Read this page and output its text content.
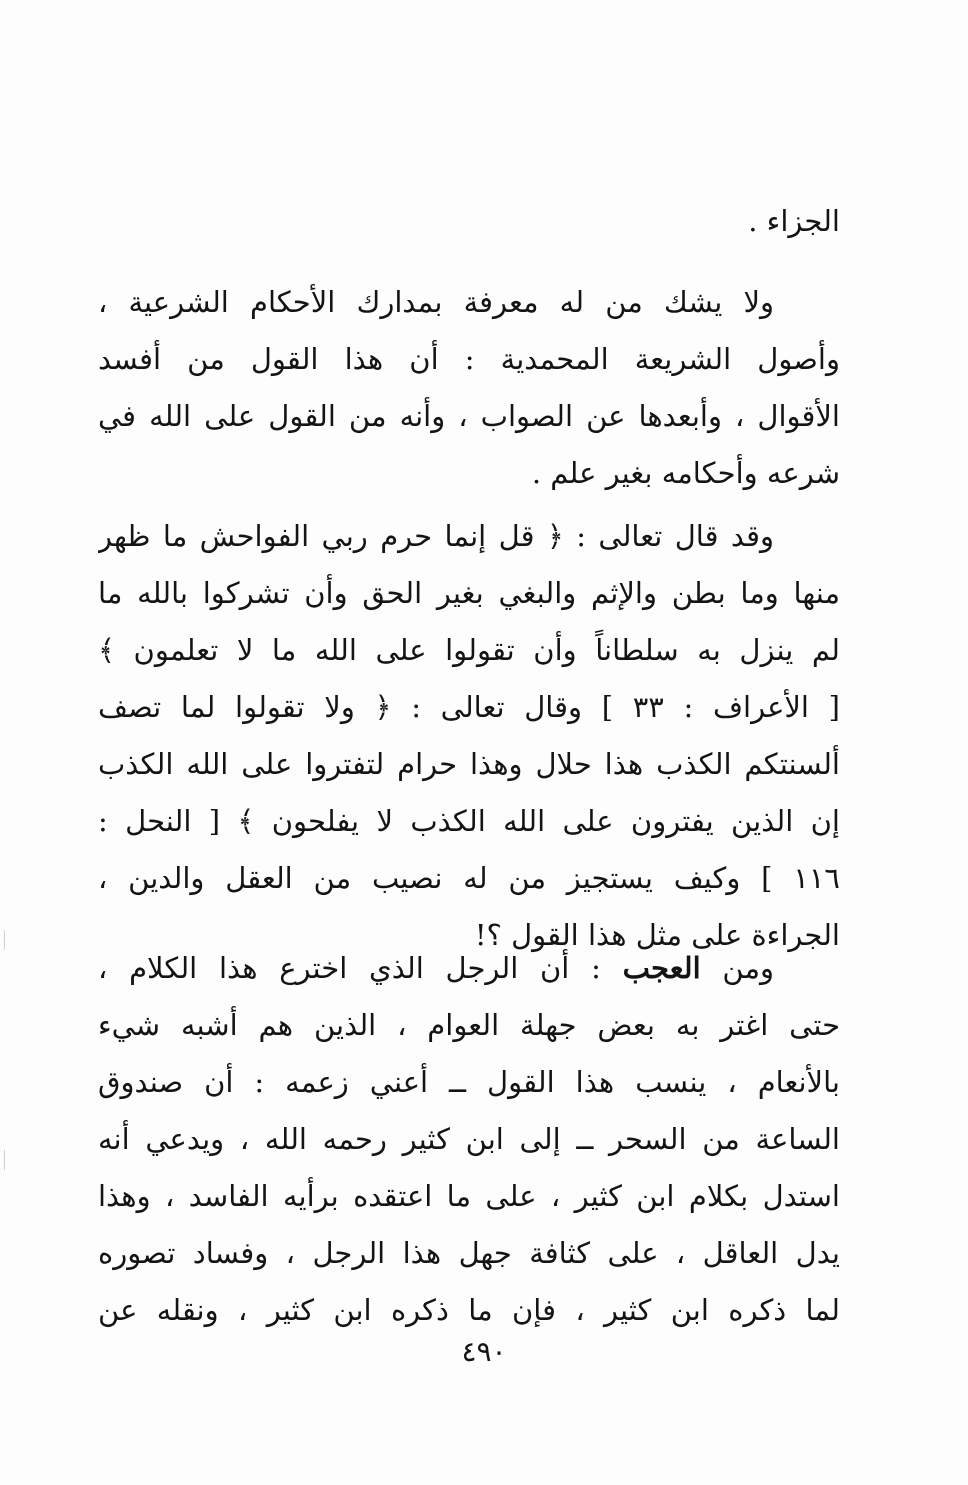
الجزاء .
ولا يشك من له معرفة بمدارك الأحكام الشرعية ،
وأصول الشريعة المحمدية : أن هذا القول من أفسد
الأقوال ، وأبعدها عن الصواب ، وأنه من القول على الله في
شرعه وأحكامه بغير علم .
وقد قال تعالى : ﴿ قل إنما حرم ربي الفواحش ما ظهر
منها وما بطن والإثم والبغي بغير الحق وأن تشركوا بالله ما
لم ينزل به سلطاناً وأن تقولوا على الله ما لا تعلمون ﴾
[ الأعراف : ٣٣ ] وقال تعالى : ﴿ ولا تقولوا لما تصف
ألسنتكم الكذب هذا حلال وهذا حرام لتفتروا على الله الكذب
إن الذين يفترون على الله الكذب لا يفلحون ﴾ [ النحل :
١١٦ ] وكيف يستجيز من له نصيب من العقل والدين ،
الجراءة على مثل هذا القول ؟!
ومن العجب : أن الرجل الذي اخترع هذا الكلام ،
حتى اغتر به بعض جهلة العوام ، الذين هم أشبه شيء
بالأنعام ، ينسب هذا القول ــ أعني زعمه : أن صندوق
الساعة من السحر ــ إلى ابن كثير رحمه الله ، ويدعي أنه
استدل بكلام ابن كثير ، على ما اعتقده برأيه الفاسد ، وهذا
يدل العاقل ، على كثافة جهل هذا الرجل ، وفساد تصوره
لما ذكره ابن كثير ، فإن ما ذكره ابن كثير ، ونقله عن
٤٩٠
